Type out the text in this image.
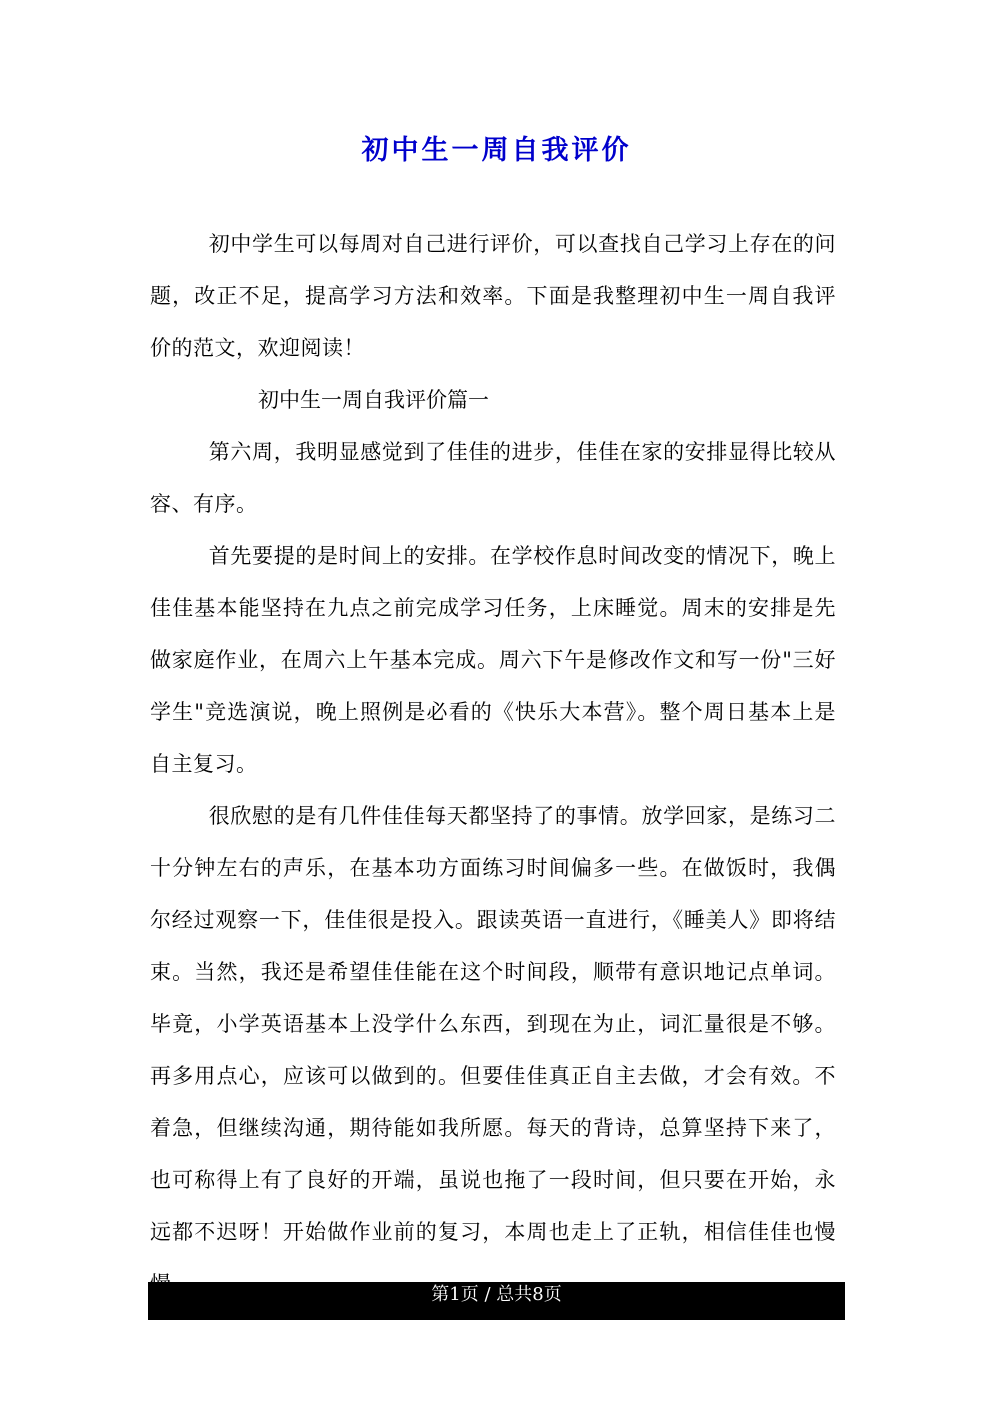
初中生一周自我评价

初中学生可以每周对自己进行评价，可以查找自己学习上存在的问题，改正不足，提高学习方法和效率。下面是我整理初中生一周自我评价的范文，欢迎阅读！

初中生一周自我评价篇一

第六周，我明显感觉到了佳佳的进步，佳佳在家的安排显得比较从容、有序。

首先要提的是时间上的安排。在学校作息时间改变的情况下，晚上佳佳基本能坚持在九点之前完成学习任务，上床睡觉。周末的安排是先做家庭作业，在周六上午基本完成。周六下午是修改作文和写一份"三好学生"竞选演说，晚上照例是必看的《快乐大本营》。整个周日基本上是自主复习。

很欣慰的是有几件佳佳每天都坚持了的事情。放学回家，是练习二十分钟左右的声乐，在基本功方面练习时间偏多一些。在做饭时，我偶尔经过观察一下，佳佳很是投入。跟读英语一直进行，《睡美人》即将结束。当然，我还是希望佳佳能在这个时间段，顺带有意识地记点单词。毕竟，小学英语基本上没学什么东西，到现在为止，词汇量很是不够。再多用点心，应该可以做到的。但要佳佳真正自主去做，才会有效。不着急，但继续沟通，期待能如我所愿。每天的背诗，总算坚持下来了，也可称得上有了良好的开端，虽说也拖了一段时间，但只要在开始，永远都不迟呀！开始做作业前的复习，本周也走上了正轨，相信佳佳也慢

第1页 / 总共8页
